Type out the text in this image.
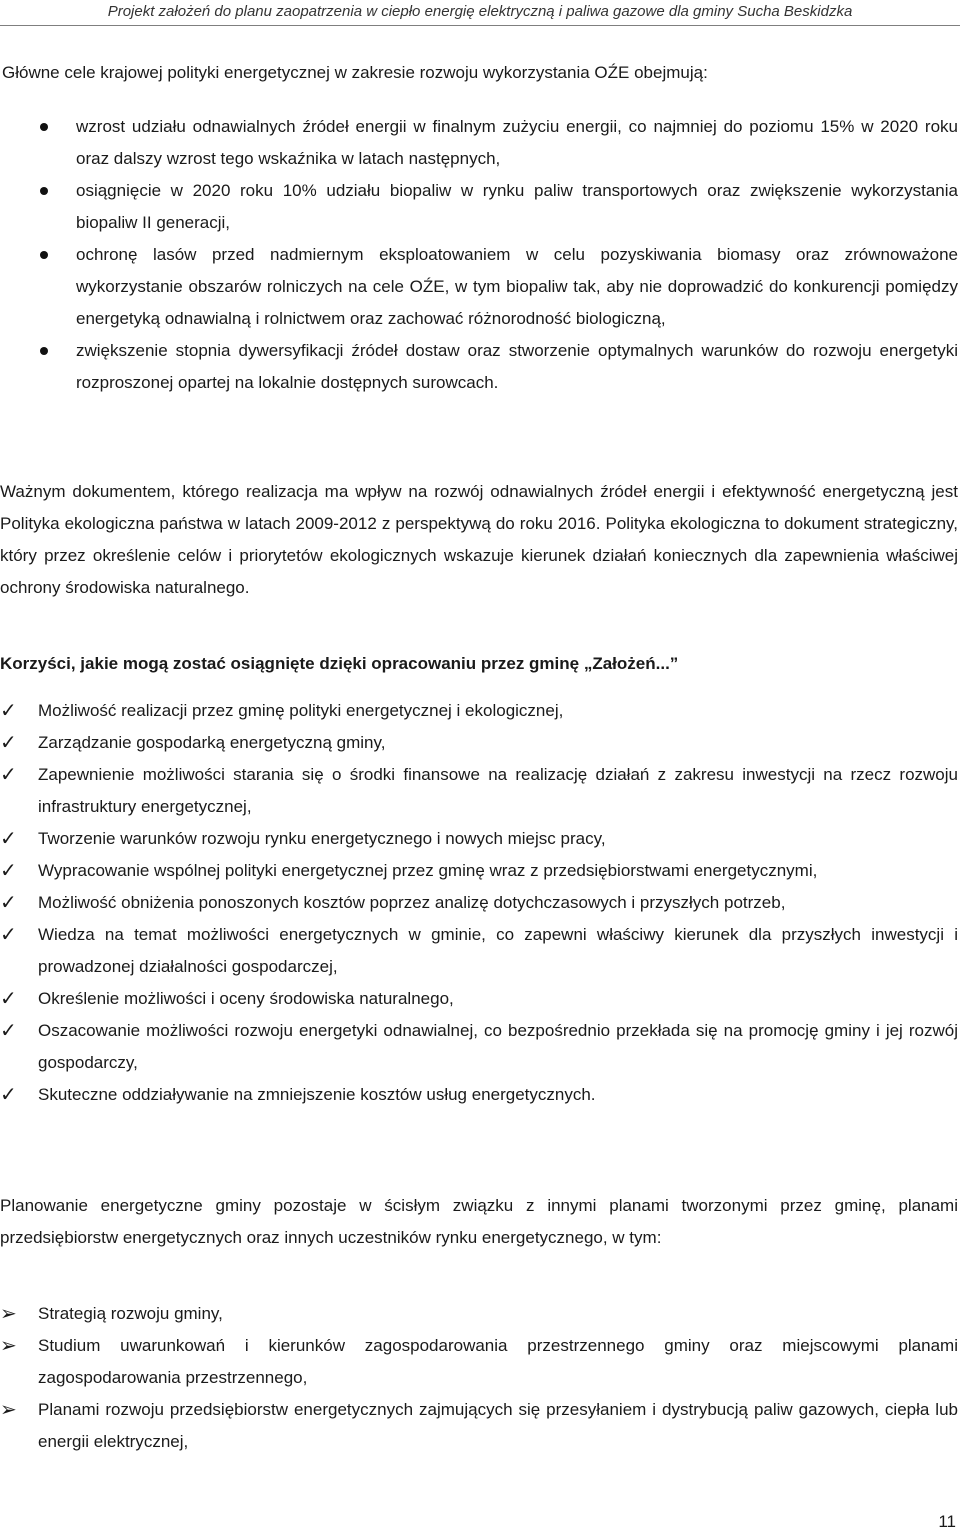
Projekt założeń do planu zaopatrzenia w ciepło energię elektryczną i paliwa gazowe dla gminy Sucha Beskidzka
Główne cele krajowej polityki energetycznej w zakresie rozwoju wykorzystania OŹE obejmują:
wzrost udziału odnawialnych źródeł energii w finalnym zużyciu energii, co najmniej do poziomu 15% w 2020 roku oraz dalszy wzrost tego wskaźnika w latach następnych,
osiągnięcie w 2020 roku 10% udziału biopaliw w rynku paliw transportowych oraz zwiększenie wykorzystania biopaliw II generacji,
ochronę lasów przed nadmiernym eksploatowaniem w celu pozyskiwania biomasy oraz zrównoważone wykorzystanie obszarów rolniczych na cele OŹE, w tym biopaliw tak, aby nie doprowadzić do konkurencji pomiędzy energetyką odnawialną i rolnictwem oraz zachować różnorodność biologiczną,
zwiększenie stopnia dywersyfikacji źródeł dostaw oraz stworzenie optymalnych warunków do rozwoju energetyki rozproszonej opartej na lokalnie dostępnych surowcach.
Ważnym dokumentem, którego realizacja ma wpływ na rozwój odnawialnych źródeł energii i efektywność energetyczną jest Polityka ekologiczna państwa w latach 2009-2012 z perspektywą do roku 2016. Polityka ekologiczna to dokument strategiczny, który przez określenie celów i priorytetów ekologicznych wskazuje kierunek działań koniecznych dla zapewnienia właściwej ochrony środowiska naturalnego.
Korzyści, jakie mogą zostać osiągnięte dzięki opracowaniu przez gminę „Założeń...”
✓ Możliwość realizacji przez gminę polityki energetycznej i ekologicznej,
✓ Zarządzanie gospodarką energetyczną gminy,
✓ Zapewnienie możliwości starania się o środki finansowe na realizację działań z zakresu inwestycji na rzecz rozwoju infrastruktury energetycznej,
✓ Tworzenie warunków rozwoju rynku energetycznego i nowych miejsc pracy,
✓ Wypracowanie wspólnej polityki energetycznej przez gminę wraz z przedsiębiorstwami energetycznymi,
✓ Możliwość obniżenia ponoszonych kosztów poprzez analizę dotychczasowych i przyszłych potrzeb,
✓ Wiedza na temat możliwości energetycznych w gminie, co zapewni właściwy kierunek dla przyszłych inwestycji i prowadzonej działalności gospodarczej,
✓ Określenie możliwości i oceny środowiska naturalnego,
✓ Oszacowanie możliwości rozwoju energetyki odnawialnej, co bezpośrednio przekłada się na promocję gminy i jej rozwój gospodarczy,
✓ Skuteczne oddziaływanie na zmniejszenie kosztów usług energetycznych.
Planowanie energetyczne gminy pozostaje w ścisłym związku z innymi planami tworzonymi przez gminę, planami przedsiębiorstw energetycznych oraz innych uczestników rynku energetycznego, w tym:
➢ Strategią rozwoju gminy,
➢ Studium uwarunkowań i kierunków zagospodarowania przestrzennego gminy oraz miejscowymi planami zagospodarowania przestrzennego,
➢ Planami rozwoju przedsiębiorstw energetycznych zajmujących się przesyłaniem i dystrybucją paliw gazowych, ciepła lub energii elektrycznej,
11
